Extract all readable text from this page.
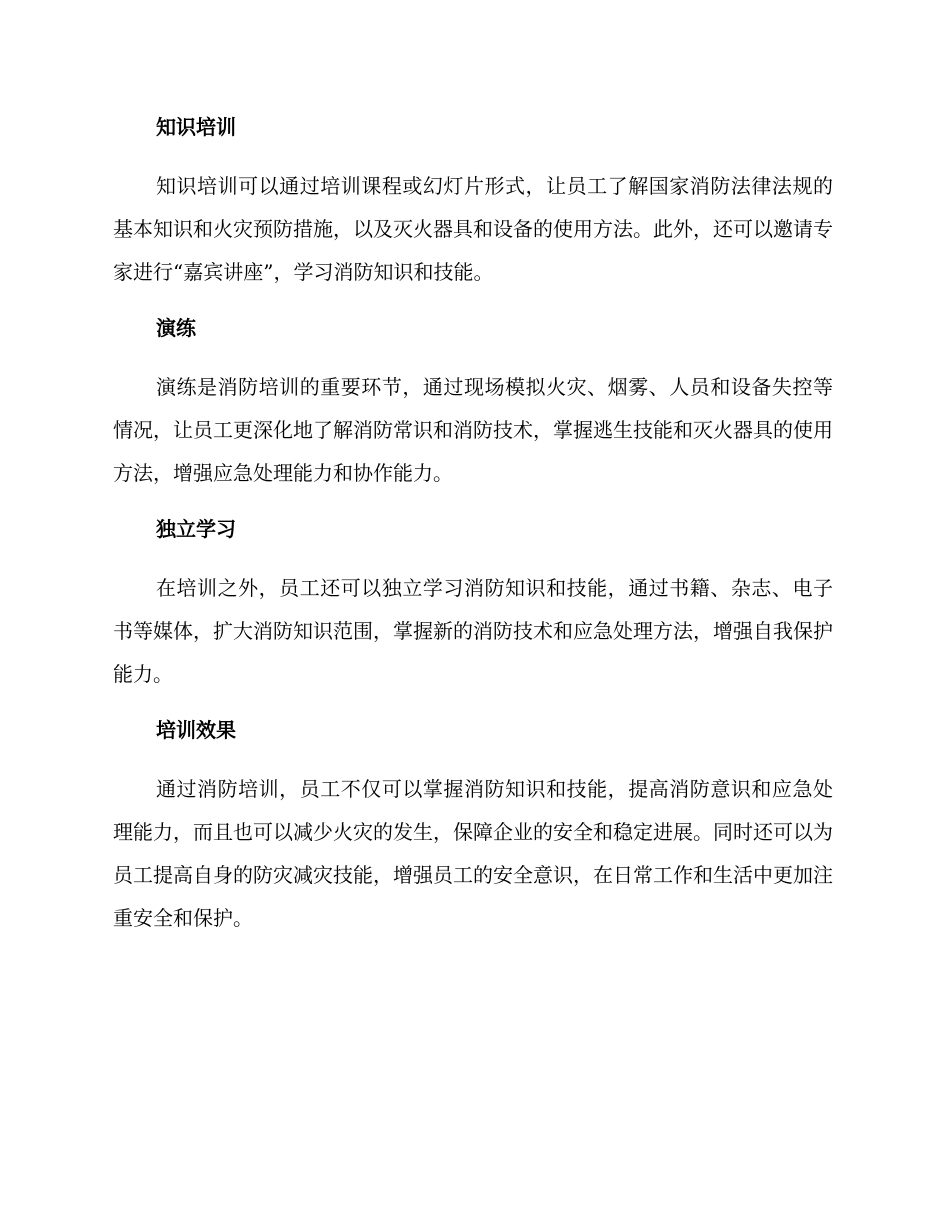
知识培训

知识培训可以通过培训课程或幻灯片形式，让员工了解国家消防法律法规的基本知识和火灾预防措施，以及灭火器具和设备的使用方法。此外，还可以邀请专家进行“嘉宾讲座”，学习消防知识和技能。

演练

演练是消防培训的重要环节，通过现场模拟火灾、烟雾、人员和设备失控等情况，让员工更深化地了解消防常识和消防技术，掌握逃生技能和灭火器具的使用方法，增强应急处理能力和协作能力。

独立学习

在培训之外，员工还可以独立学习消防知识和技能，通过书籍、杂志、电子书等媒体，扩大消防知识范围，掌握新的消防技术和应急处理方法，增强自我保护能力。

培训效果

通过消防培训，员工不仅可以掌握消防知识和技能，提高消防意识和应急处理能力，而且也可以减少火灾的发生，保障企业的安全和稳定进展。同时还可以为员工提高自身的防灾减灾技能，增强员工的安全意识，在日常工作和生活中更加注重安全和保护。
